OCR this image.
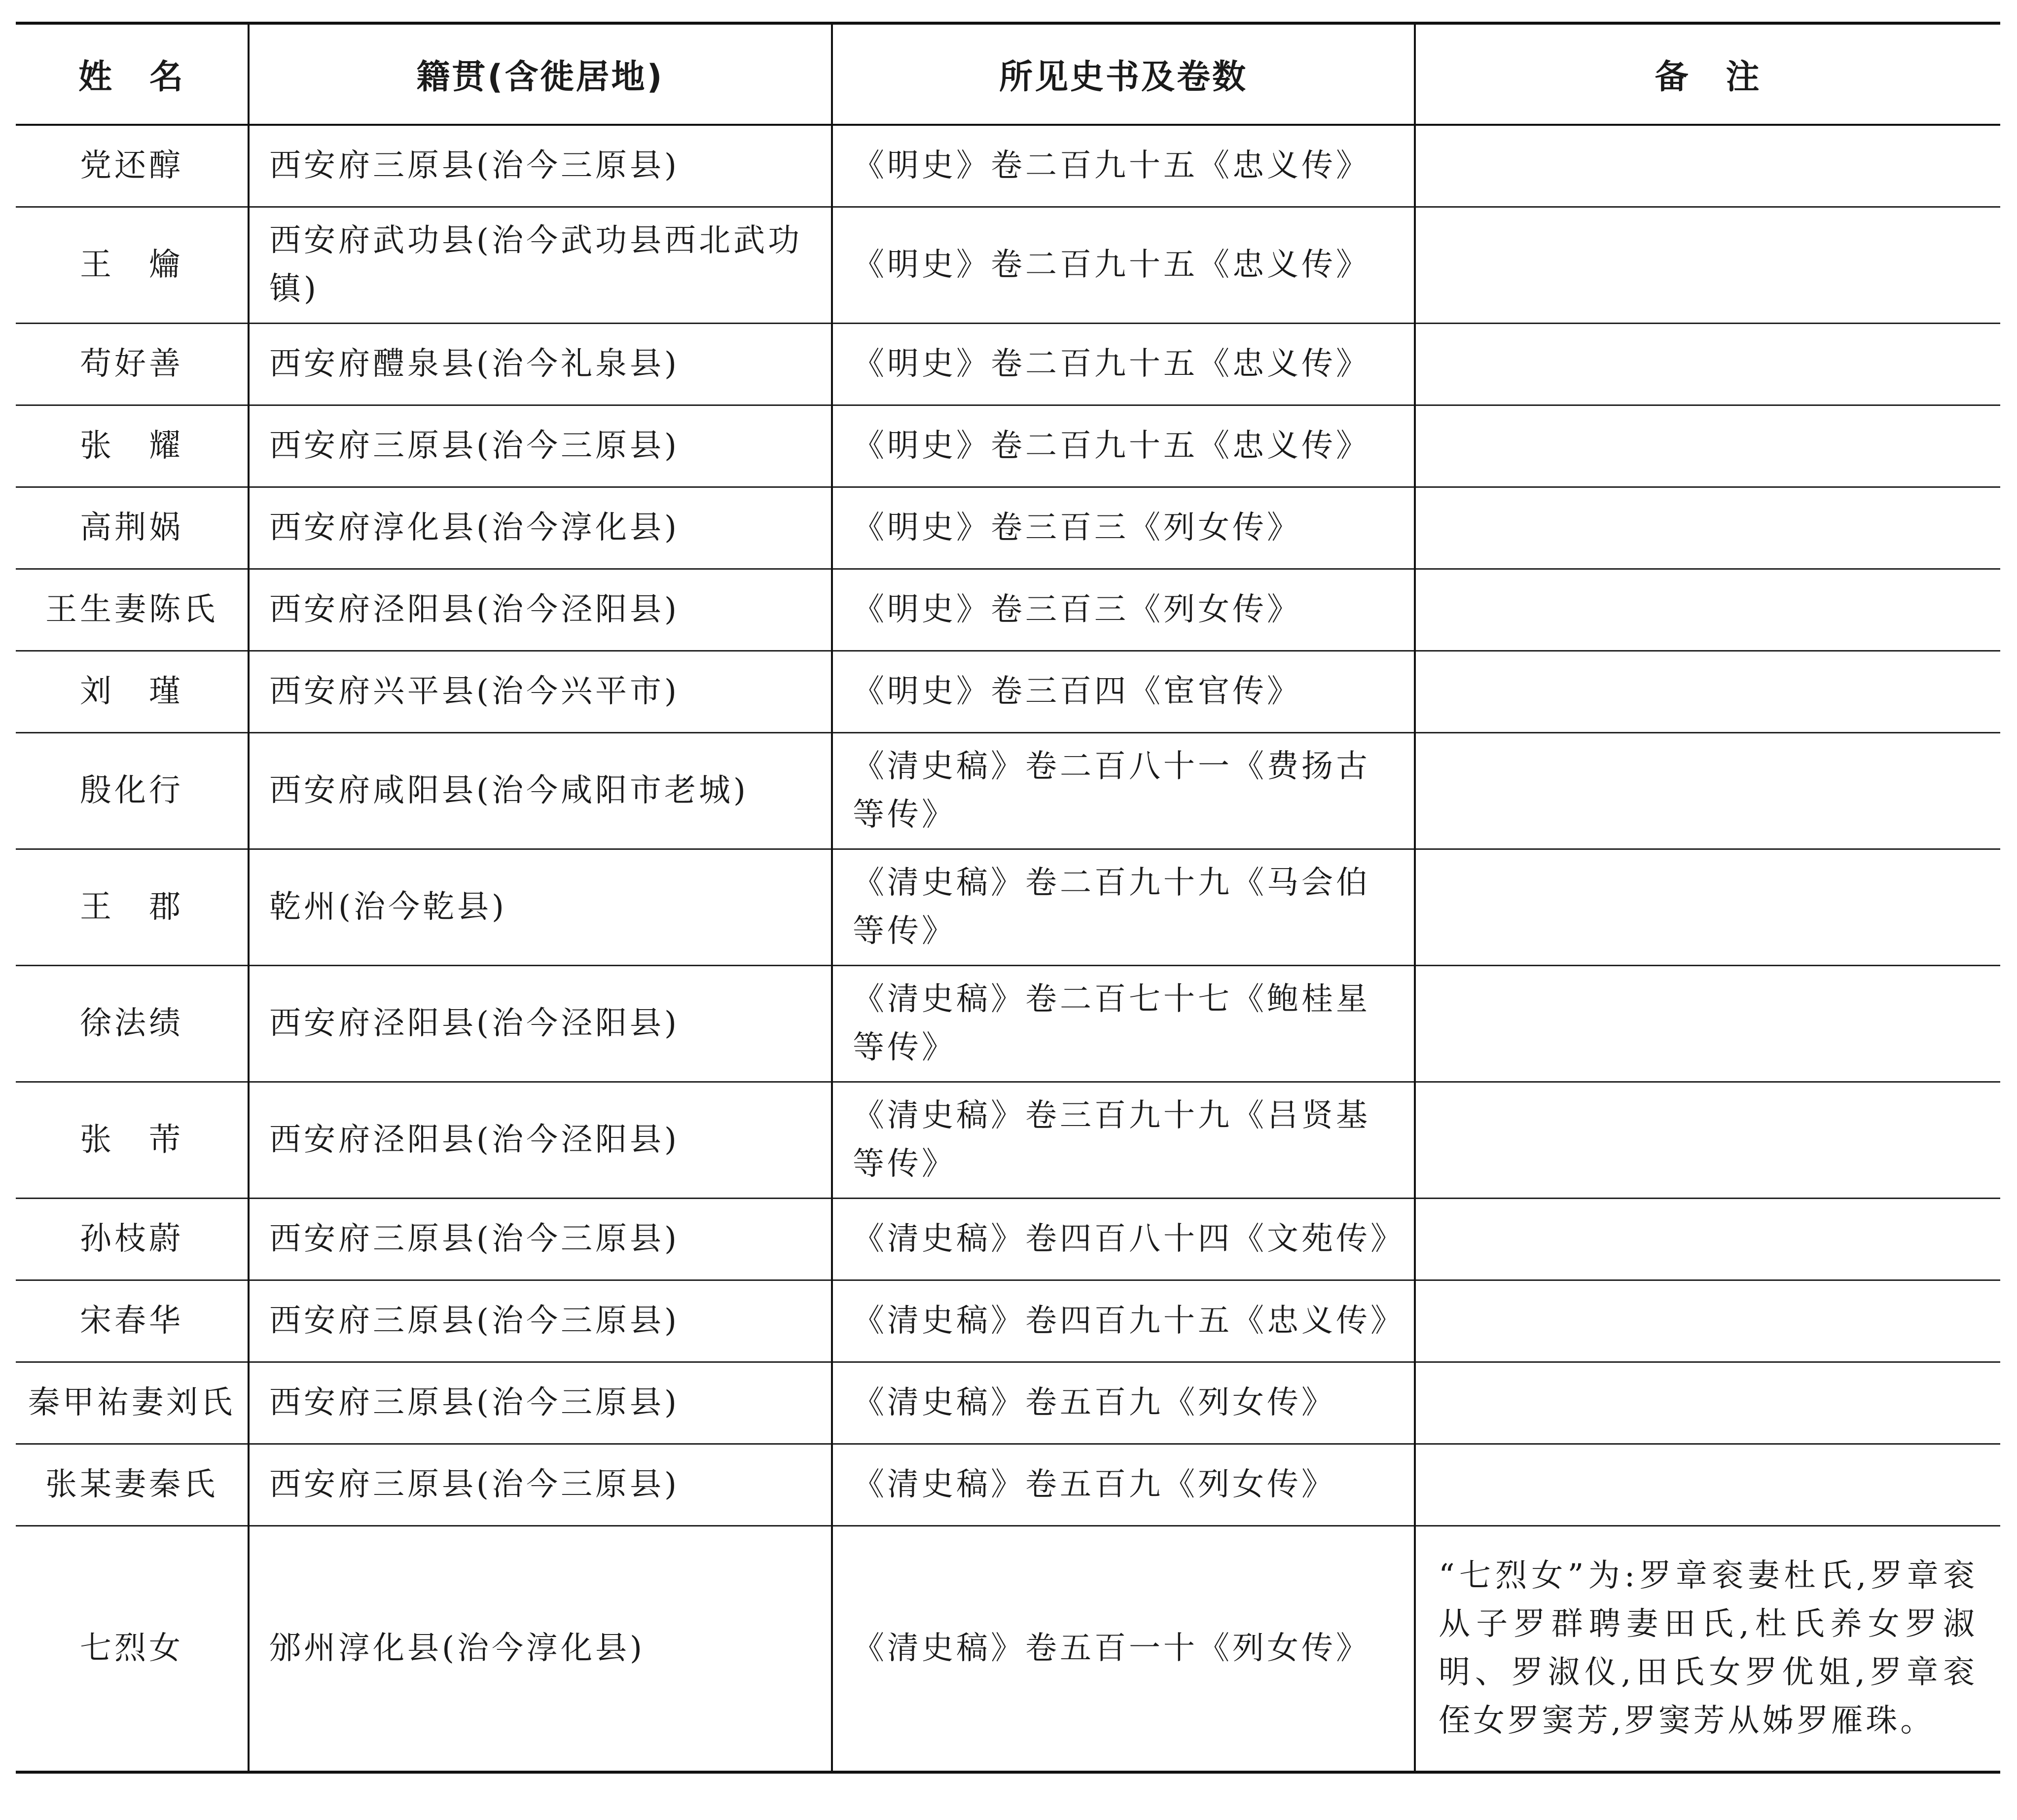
姓　名	籍贯(含徙居地)	所见史书及卷数	备　注
党还醇	西安府三原县(治今三原县)	《明史》卷二百九十五《忠义传》	
王　爚	西安府武功县(治今武功县西北武功镇)	《明史》卷二百九十五《忠义传》	
苟好善	西安府醴泉县(治今礼泉县)	《明史》卷二百九十五《忠义传》	
张　耀	西安府三原县(治今三原县)	《明史》卷二百九十五《忠义传》	
高荆娲	西安府淳化县(治今淳化县)	《明史》卷三百三《列女传》	
王生妻陈氏	西安府泾阳县(治今泾阳县)	《明史》卷三百三《列女传》	
刘　瑾	西安府兴平县(治今兴平市)	《明史》卷三百四《宦官传》	
殷化行	西安府咸阳县(治今咸阳市老城)	《清史稿》卷二百八十一《费扬古等传》	
王　郡	乾州(治今乾县)	《清史稿》卷二百九十九《马会伯等传》	
徐法绩	西安府泾阳县(治今泾阳县)	《清史稿》卷二百七十七《鲍桂星等传》	
张　芾	西安府泾阳县(治今泾阳县)	《清史稿》卷三百九十九《吕贤基等传》	
孙枝蔚	西安府三原县(治今三原县)	《清史稿》卷四百八十四《文苑传》	
宋春华	西安府三原县(治今三原县)	《清史稿》卷四百九十五《忠义传》	
秦甲祐妻刘氏	西安府三原县(治今三原县)	《清史稿》卷五百九《列女传》	
张某妻秦氏	西安府三原县(治今三原县)	《清史稿》卷五百九《列女传》	
七烈女	邠州淳化县(治今淳化县)	《清史稿》卷五百一十《列女传》	“七烈女”为:罗章衮妻杜氏,罗章衮从子罗群聘妻田氏,杜氏养女罗淑明、罗淑仪,田氏女罗优姐,罗章衮侄女罗窦芳,罗窦芳从姊罗雁珠。
